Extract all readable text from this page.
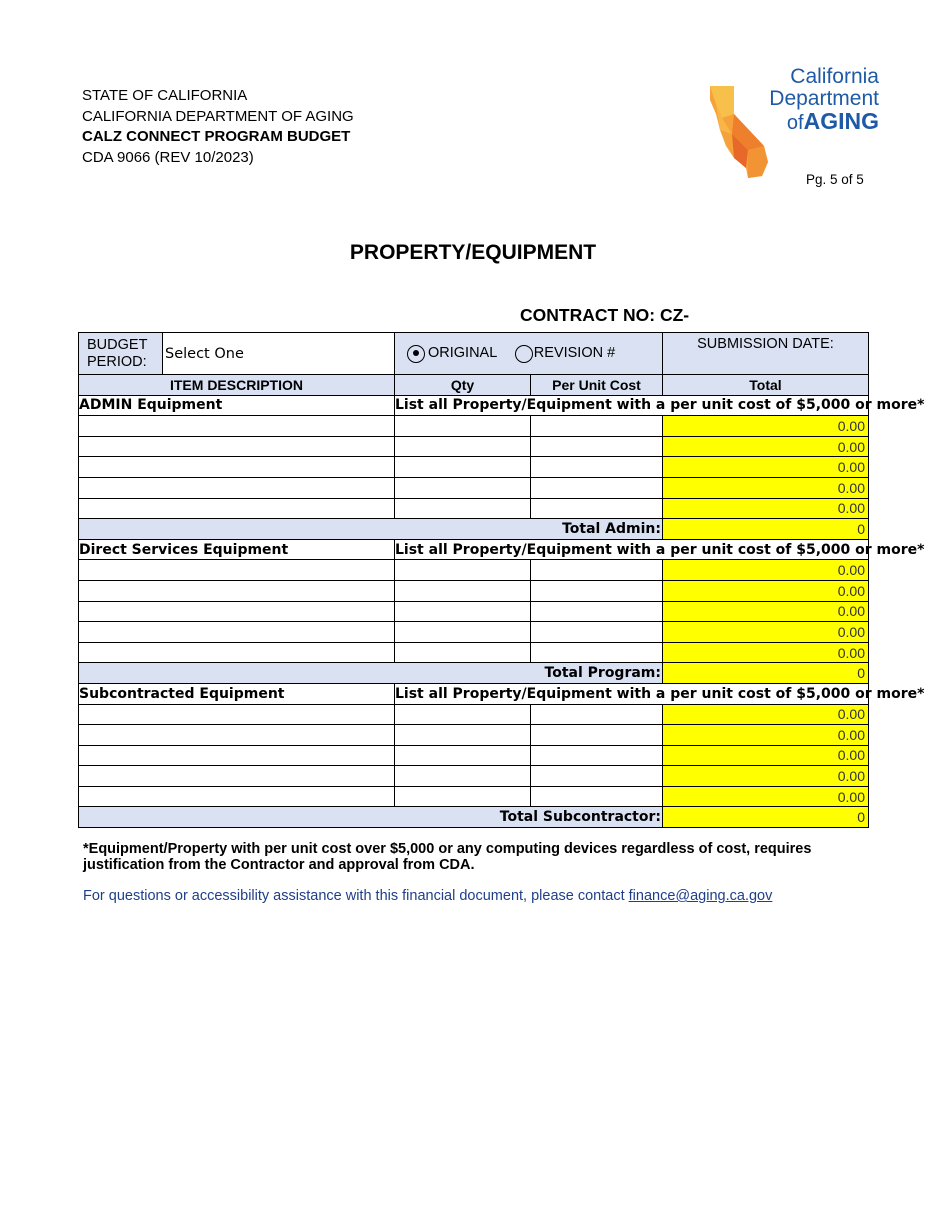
STATE OF CALIFORNIA
CALIFORNIA DEPARTMENT OF AGING
CALZ CONNECT PROGRAM BUDGET
CDA 9066 (REV 10/2023)
California
Department
ofAGING
Pg. 5 of 5
PROPERTY/EQUIPMENT
CONTRACT NO: CZ-
BUDGET
PERIOD:	Select One	ORIGINAL REVISION #		SUBMISSION DATE:
ITEM DESCRIPTION		Qty	Per Unit Cost	Total
ADMIN Equipment		List all Property/Equipment with a per unit cost of $5,000 or more*		
				0.00
				0.00
				0.00
				0.00
				0.00
Total Admin:				0
Direct Services Equipment		List all Property/Equipment with a per unit cost of $5,000 or more*		
				0.00
				0.00
				0.00
				0.00
				0.00
Total Program:				0
Subcontracted Equipment		List all Property/Equipment with a per unit cost of $5,000 or more*		
				0.00
				0.00
				0.00
				0.00
				0.00
Total Subcontractor:				0
*Equipment/Property with per unit cost over $5,000 or any computing devices regardless of cost, requires justification from the Contractor and approval from CDA.
For questions or accessibility assistance with this financial document, please contact finance@aging.ca.gov
